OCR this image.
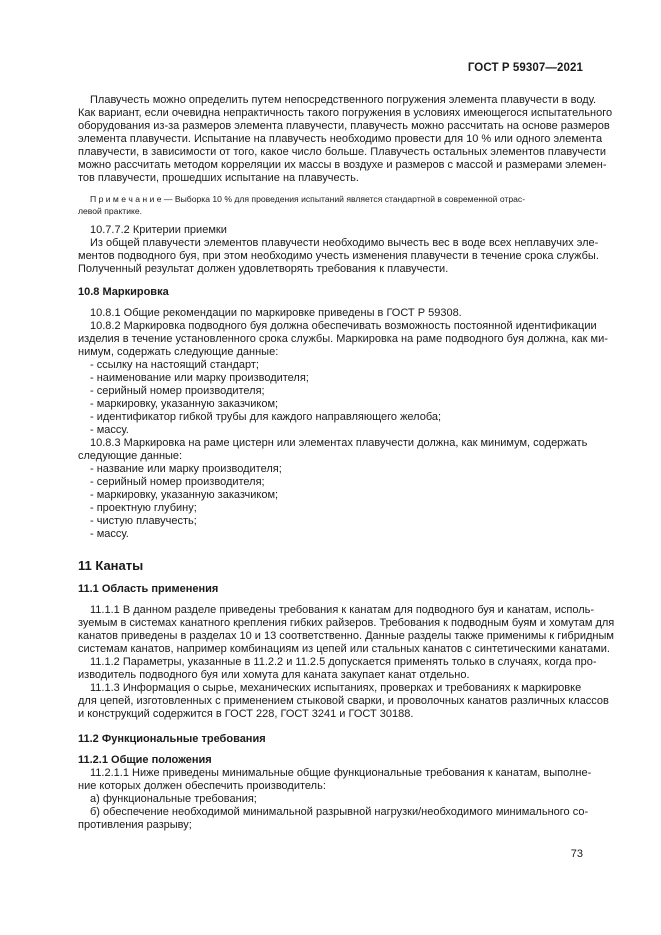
ГОСТ Р 59307—2021
Плавучесть можно определить путем непосредственного погружения элемента плавучести в воду.
Как вариант, если очевидна непрактичность такого погружения в условиях имеющегося испытательного
оборудования из-за размеров элемента плавучести, плавучесть можно рассчитать на основе размеров
элемента плавучести. Испытание на плавучесть необходимо провести для 10 % или одного элемента
плавучести, в зависимости от того, какое число больше. Плавучесть остальных элементов плавучести
можно рассчитать методом корреляции их массы в воздухе и размеров с массой и размерами элемен-
тов плавучести, прошедших испытание на плавучесть.
П р и м е ч а н и е — Выборка 10 % для проведения испытаний является стандартной в современной отрас-
левой практике.
10.7.7.2 Критерии приемки
Из общей плавучести элементов плавучести необходимо вычесть вес в воде всех неплавучих эле-
ментов подводного буя, при этом необходимо учесть изменения плавучести в течение срока службы.
Полученный результат должен удовлетворять требования к плавучести.
10.8 Маркировка
10.8.1 Общие рекомендации по маркировке приведены в ГОСТ Р 59308.
10.8.2 Маркировка подводного буя должна обеспечивать возможность постоянной идентификации
изделия в течение установленного срока службы. Маркировка на раме подводного буя должна, как ми-
нимум, содержать следующие данные:
- ссылку на настоящий стандарт;
- наименование или марку производителя;
- серийный номер производителя;
- маркировку, указанную заказчиком;
- идентификатор гибкой трубы для каждого направляющего желоба;
- массу.
10.8.3 Маркировка на раме цистерн или элементах плавучести должна, как минимум, содержать
следующие данные:
- название или марку производителя;
- серийный номер производителя;
- маркировку, указанную заказчиком;
- проектную глубину;
- чистую плавучесть;
- массу.
11 Канаты
11.1 Область применения
11.1.1 В данном разделе приведены требования к канатам для подводного буя и канатам, исполь-
зуемым в системах канатного крепления гибких райзеров. Требования к подводным буям и хомутам для
канатов приведены в разделах 10 и 13 соответственно. Данные разделы также применимы к гибридным
системам канатов, например комбинациям из цепей или стальных канатов с синтетическими канатами.
11.1.2 Параметры, указанные в 11.2.2 и 11.2.5 допускается применять только в случаях, когда про-
изводитель подводного буя или хомута для каната закупает канат отдельно.
11.1.3 Информация о сырье, механических испытаниях, проверках и требованиях к маркировке
для цепей, изготовленных с применением стыковой сварки, и проволочных канатов различных классов
и конструкций содержится в ГОСТ 228, ГОСТ 3241 и ГОСТ 30188.
11.2 Функциональные требования
11.2.1 Общие положения
11.2.1.1 Ниже приведены минимальные общие функциональные требования к канатам, выполне-
ние которых должен обеспечить производитель:
а) функциональные требования;
б) обеспечение необходимой минимальной разрывной нагрузки/необходимого минимального со-
противления разрыву;
73
